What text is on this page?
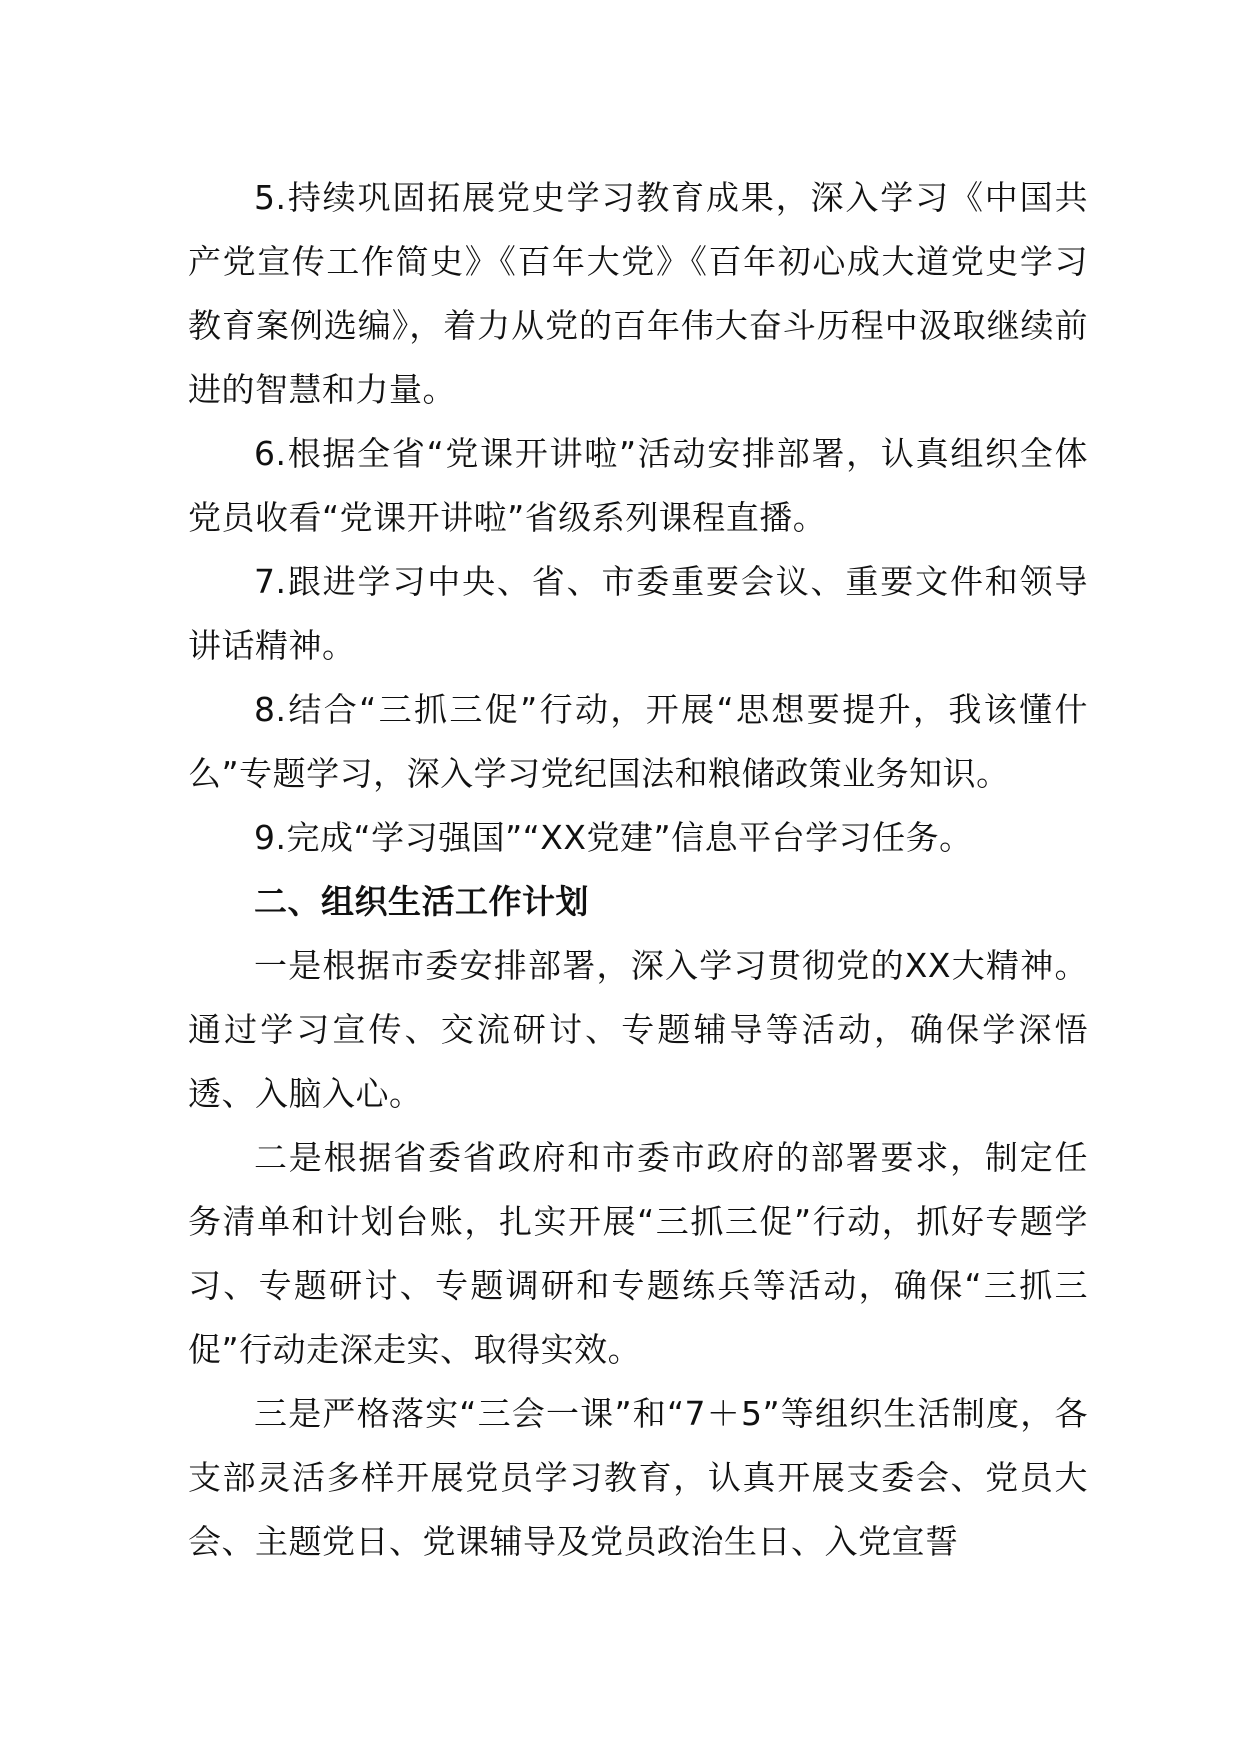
5.持续巩固拓展党史学习教育成果，深入学习《中国共产党宣传工作简史》《百年大党》《百年初心成大道党史学习教育案例选编》，着力从党的百年伟大奋斗历程中汲取继续前进的智慧和力量。

6.根据全省“党课开讲啦”活动安排部署，认真组织全体党员收看“党课开讲啦”省级系列课程直播。

7.跟进学习中央、省、市委重要会议、重要文件和领导讲话精神。

8.结合“三抓三促”行动，开展“思想要提升，我该懂什么”专题学习，深入学习党纪国法和粮储政策业务知识。

9.完成“学习强国”“XX党建”信息平台学习任务。

二、组织生活工作计划

一是根据市委安排部署，深入学习贯彻党的XX大精神。通过学习宣传、交流研讨、专题辅导等活动，确保学深悟透、入脑入心。

二是根据省委省政府和市委市政府的部署要求，制定任务清单和计划台账，扎实开展“三抓三促”行动，抓好专题学习、专题研讨、专题调研和专题练兵等活动，确保“三抓三促”行动走深走实、取得实效。

三是严格落实“三会一课”和“7＋5”等组织生活制度，各支部灵活多样开展党员学习教育，认真开展支委会、党员大会、主题党日、党课辅导及党员政治生日、入党宣誓
